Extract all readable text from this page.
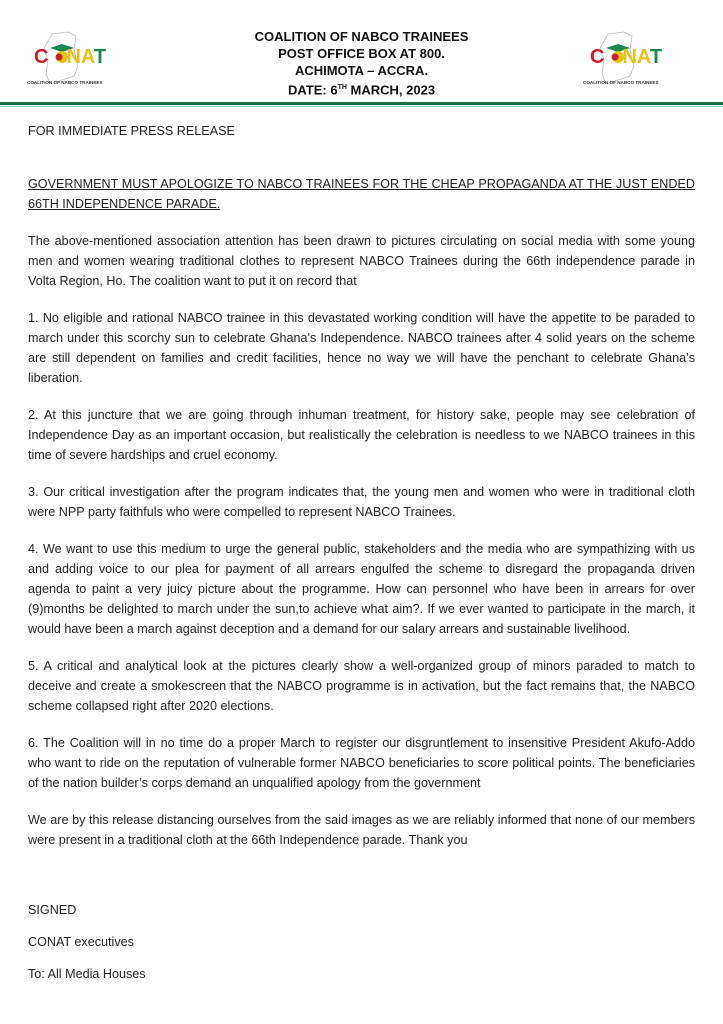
C NAT
COALITION OF NABCO TRAINEES
C NAT
COALITION OF NABCO TRAINEES
COALITION OF NABCO TRAINEES
POST OFFICE BOX AT 800.
ACHIMOTA – ACCRA.
DATE: 6TH MARCH, 2023

FOR IMMEDIATE PRESS RELEASE

GOVERNMENT MUST APOLOGIZE TO NABCO TRAINEES FOR THE CHEAP PROPAGANDA AT THE JUST ENDED 66TH INDEPENDENCE PARADE.

The above-mentioned association attention has been drawn to pictures circulating on social media with some young men and women wearing traditional clothes to represent NABCO Trainees during the 66th independence parade in Volta Region, Ho. The coalition want to put it on record that

1. No eligible and rational NABCO trainee in this devastated working condition will have the appetite to be paraded to march under this scorchy sun to celebrate Ghana's Independence. NABCO trainees after 4 solid years on the scheme are still dependent on families and credit facilities, hence no way we will have the penchant to celebrate Ghana’s liberation.

2. At this juncture that we are going through inhuman treatment, for history sake, people may see celebration of Independence Day as an important occasion, but realistically the celebration is needless to we NABCO trainees in this time of severe hardships and cruel economy.

3. Our critical investigation after the program indicates that, the young men and women who were in traditional cloth were NPP party faithfuls who were compelled to represent NABCO Trainees.

4. We want to use this medium to urge the general public, stakeholders and the media who are sympathizing with us and adding voice to our plea for payment of all arrears engulfed the scheme to disregard the propaganda driven agenda to paint a very juicy picture about the programme. How can personnel who have been in arrears for over (9)months be delighted to march under the sun,to achieve what aim?. If we ever wanted to participate in the march, it would have been a march against deception and a demand for our salary arrears and sustainable livelihood.

5. A critical and analytical look at the pictures clearly show a well-organized group of minors paraded to match to deceive and create a smokescreen that the NABCO programme is in activation, but the fact remains that, the NABCO scheme collapsed right after 2020 elections.

6. The Coalition will in no time do a proper March to register our disgruntlement to insensitive President Akufo-Addo who want to ride on the reputation of vulnerable former NABCO beneficiaries to score political points. The beneficiaries of the nation builder’s corps demand an unqualified apology from the government

We are by this release distancing ourselves from the said images as we are reliably informed that none of our members were present in a traditional cloth at the 66th Independence parade. Thank you

SIGNED

CONAT executives

To: All Media Houses
